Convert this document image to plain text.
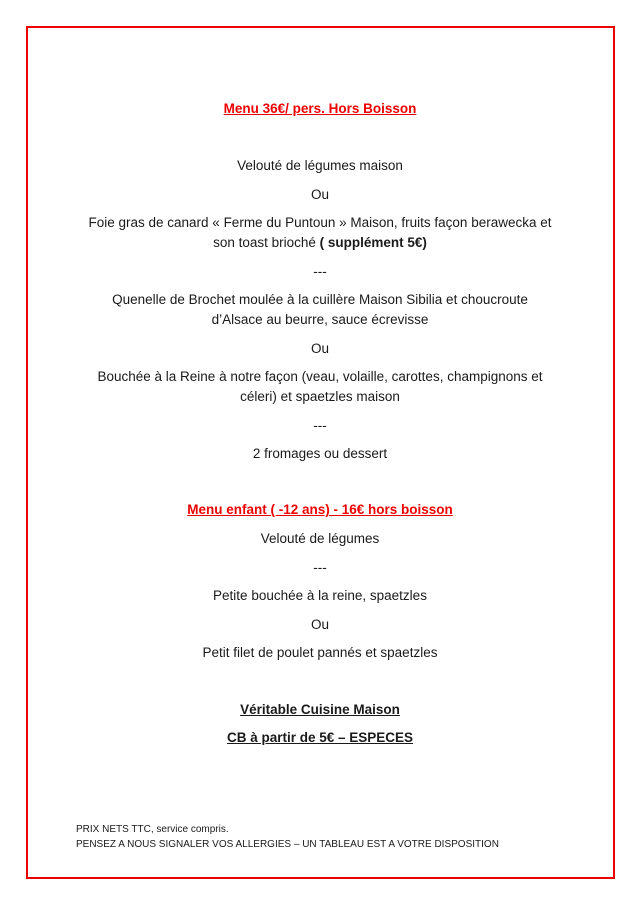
Menu 36€/ pers. Hors Boisson
Velouté de légumes maison
Ou
Foie gras de canard « Ferme du Puntoun » Maison, fruits façon berawecka et
son toast brioché ( supplément 5€)
---
Quenelle de Brochet moulée à la cuillère Maison Sibilia et choucroute
d’Alsace au beurre, sauce écrevisse
Ou
Bouchée à la Reine à notre façon (veau, volaille, carottes, champignons et
céleri) et spaetzles maison
---
2 fromages ou dessert
Menu enfant ( -12 ans) - 16€ hors boisson
Velouté de légumes
---
Petite bouchée à la reine, spaetzles
Ou
Petit filet de poulet pannés et spaetzles
Véritable Cuisine Maison
CB à partir de 5€ – ESPECES
PRIX NETS TTC, service compris.
PENSEZ A NOUS SIGNALER VOS ALLERGIES – UN TABLEAU EST A VOTRE DISPOSITION
